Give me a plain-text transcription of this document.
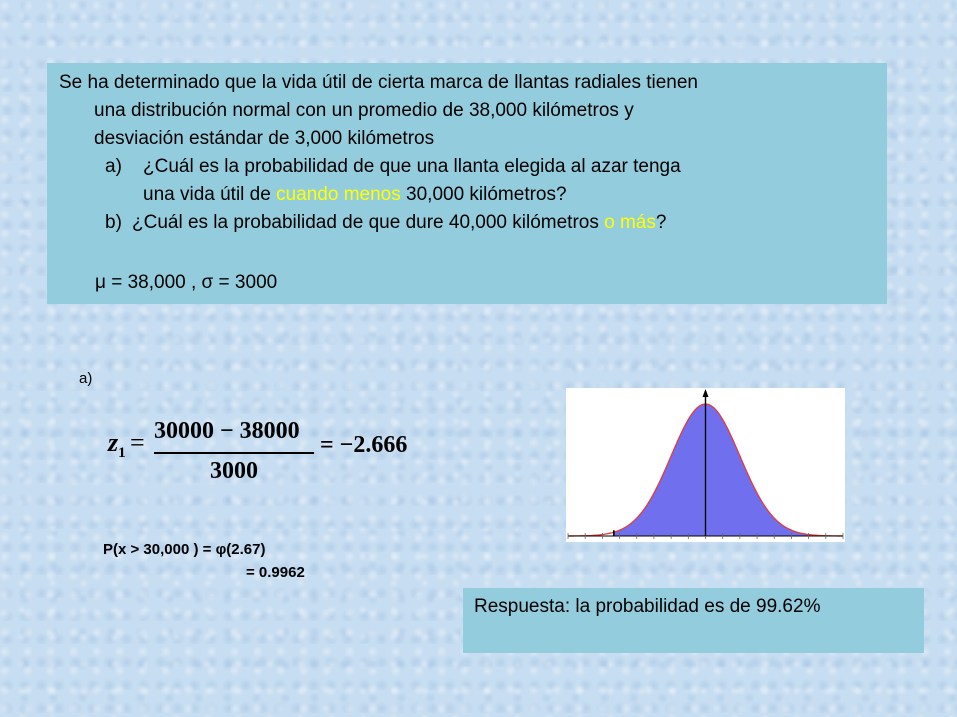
Se ha determinado que la vida útil de cierta marca de llantas radiales tienen
una distribución normal con un promedio de 38,000 kilómetros y
desviación estándar de 3,000 kilómetros
a) ¿Cuál es la probabilidad de que una llanta elegida al azar tenga
una vida útil de cuando menos 30,000 kilómetros?
b) ¿Cuál es la probabilidad de que dure 40,000 kilómetros o más?
μ = 38,000 , σ = 3000
a)
$z_1 = 30000 - 38000$
3000
= −2.666
P(x > 30,000 ) = φ(2.67)
= 0.9962
Respuesta: la probabilidad es de 99.62%
